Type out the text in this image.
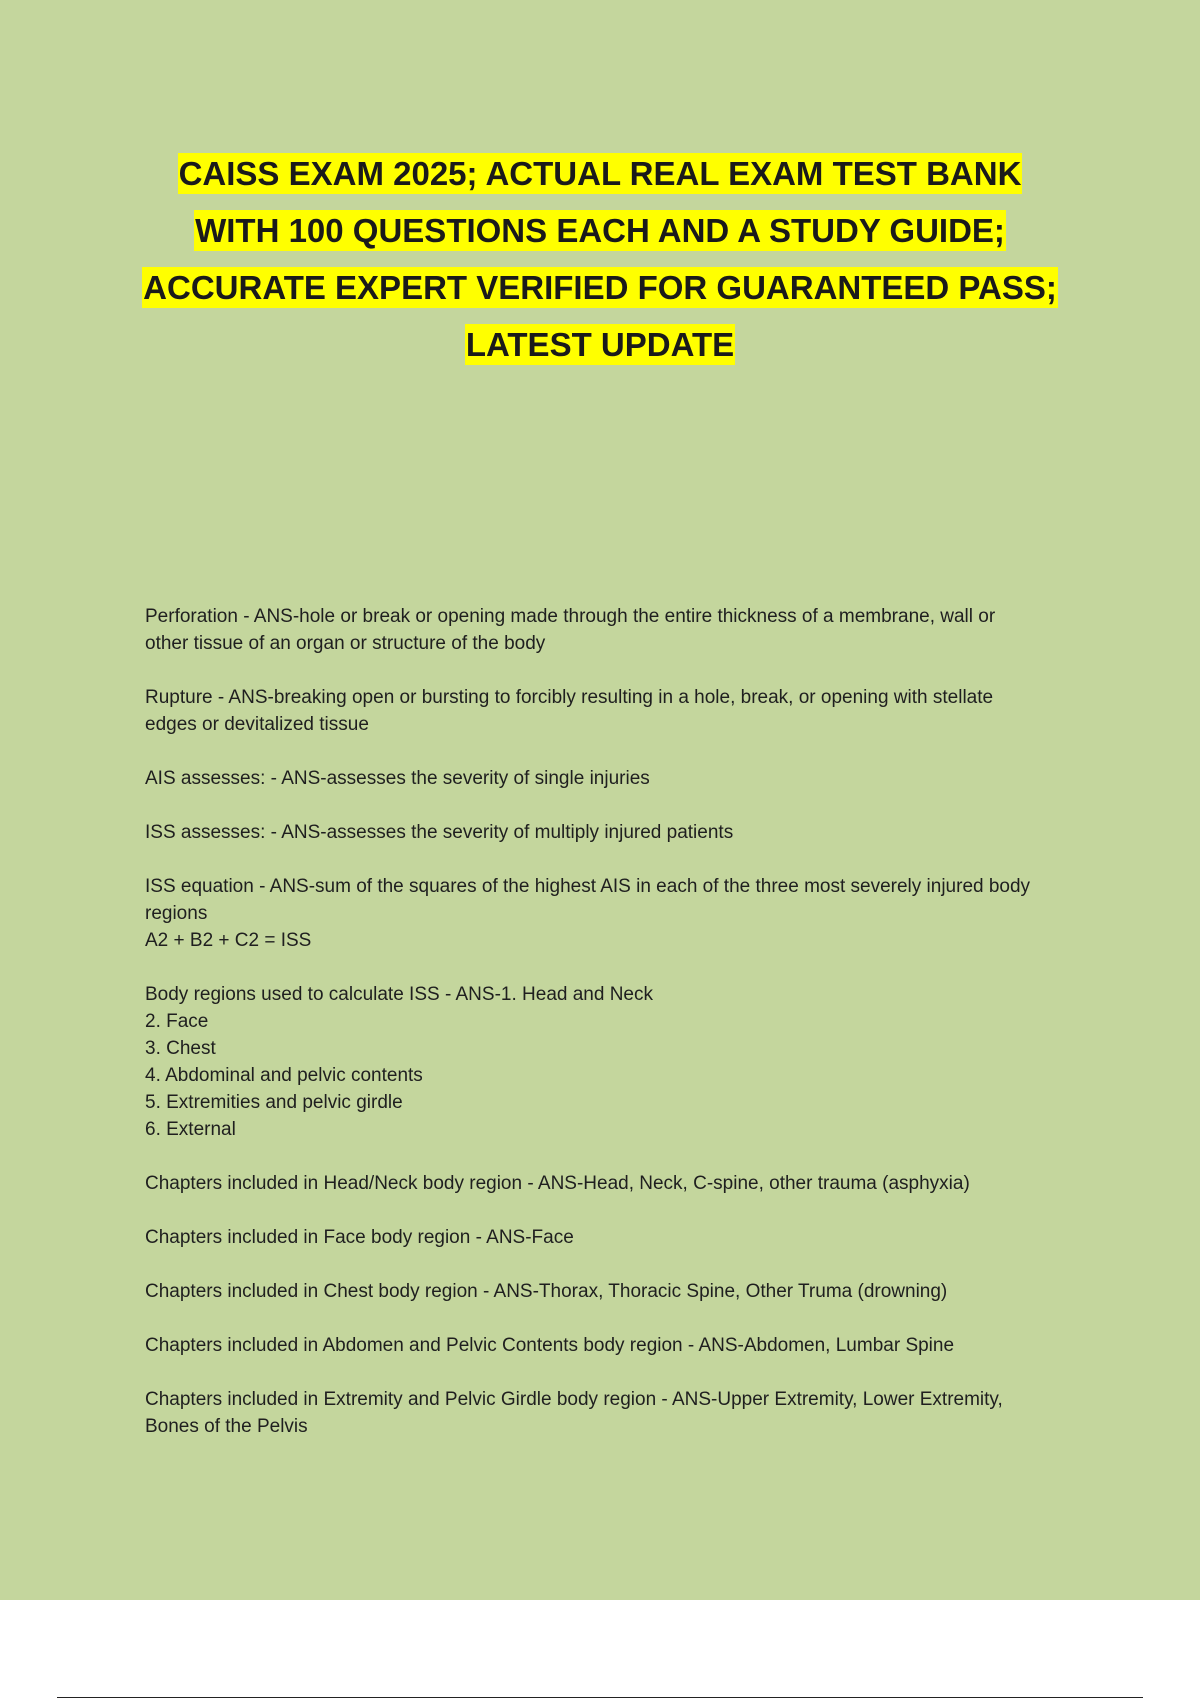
CAISS EXAM 2025; ACTUAL REAL EXAM TEST BANK
WITH 100 QUESTIONS EACH AND A STUDY GUIDE;
ACCURATE EXPERT VERIFIED FOR GUARANTEED PASS;
LATEST UPDATE

Perforation - ANS-hole or break or opening made through the entire thickness of a membrane, wall or

other tissue of an organ or structure of the body

Rupture - ANS-breaking open or bursting to forcibly resulting in a hole, break, or opening with stellate

edges or devitalized tissue

AIS assesses: - ANS-assesses the severity of single injuries

ISS assesses: - ANS-assesses the severity of multiply injured patients

ISS equation - ANS-sum of the squares of the highest AIS in each of the three most severely injured body

regions

A2 + B2 + C2 = ISS

Body regions used to calculate ISS - ANS-1. Head and Neck

2. Face

3. Chest

4. Abdominal and pelvic contents

5. Extremities and pelvic girdle

6. External

Chapters included in Head/Neck body region - ANS-Head, Neck, C-spine, other trauma (asphyxia)

Chapters included in Face body region - ANS-Face

Chapters included in Chest body region - ANS-Thorax, Thoracic Spine, Other Truma (drowning)

Chapters included in Abdomen and Pelvic Contents body region - ANS-Abdomen, Lumbar Spine

Chapters included in Extremity and Pelvic Girdle body region - ANS-Upper Extremity, Lower Extremity,

Bones of the Pelvis
